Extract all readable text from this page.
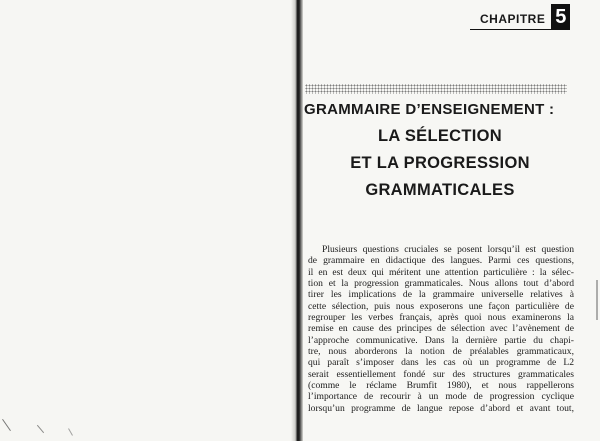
CHAPITRE 5
GRAMMAIRE D’ENSEIGNEMENT :
LA SÉLECTION
ET LA PROGRESSION
GRAMMATICALES
Plusieurs questions cruciales se posent lorsqu’il est question
de grammaire en didactique des langues. Parmi ces questions,
il en est deux qui méritent une attention particulière : la sélec-
tion et la progression grammaticales. Nous allons tout d’abord
tirer les implications de la grammaire universelle relatives à
cette sélection, puis nous exposerons une façon particulière de
regrouper les verbes français, après quoi nous examinerons la
remise en cause des principes de sélection avec l’avènement de
l’approche communicative. Dans la dernière partie du chapi-
tre, nous aborderons la notion de préalables grammaticaux,
qui paraît s’imposer dans les cas où un programme de L2
serait essentiellement fondé sur des structures grammaticales
(comme le réclame Brumfit 1980), et nous rappellerons
l’importance de recourir à un mode de progression cyclique
lorsqu’un programme de langue repose d’abord et avant tout,
